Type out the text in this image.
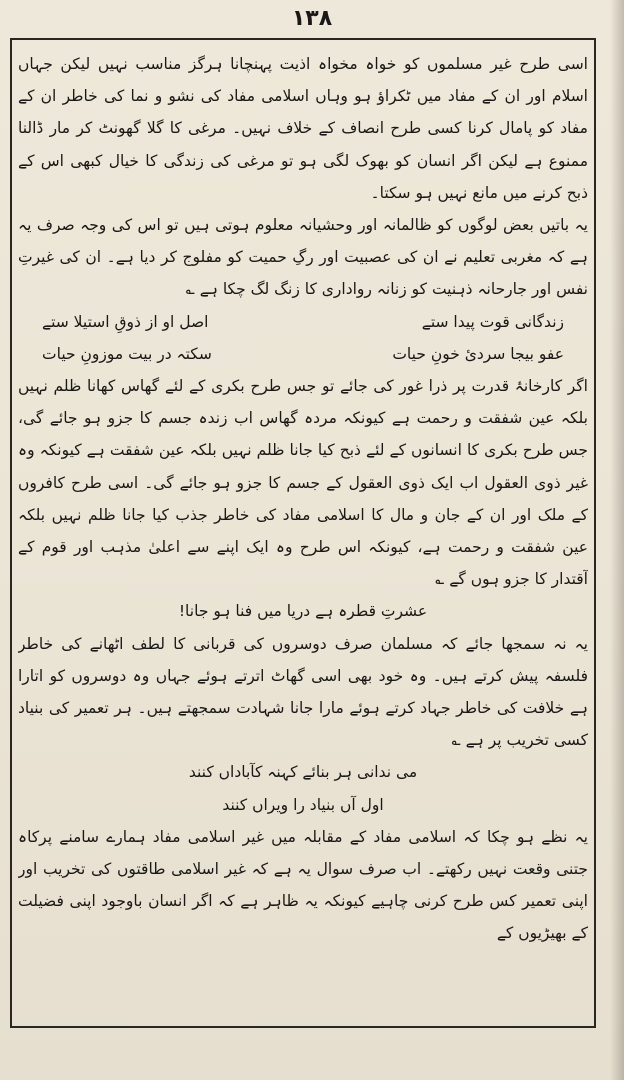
١٣٨

اسی طرح غیر مسلموں کو خواہ مخواہ اذیت پہنچانا ہرگز مناسب نہیں لیکن جہاں اسلام اور ان کے مفاد میں ٹکراؤ ہو وہاں اسلامی مفاد کی نشو و نما کی خاطر ان کے مفاد کو پامال کرنا کسی طرح انصاف کے خلاف نہیں۔ مرغی کا گلا گھونٹ کر مار ڈالنا ممنوع ہے لیکن اگر انسان کو بھوک لگی ہو تو مرغی کی زندگی کا خیال کبھی اس کے ذبح کرنے میں مانع نہیں ہو سکتا۔

یہ باتیں بعض لوگوں کو ظالمانہ اور وحشیانہ معلوم ہوتی ہیں تو اس کی وجہ صرف یہ ہے کہ مغربی تعلیم نے ان کی عصبیت اور رگِ حمیت کو مفلوج کر دیا ہے۔ ان کی غیرتِ نفس اور جارحانہ ذہنیت کو زنانہ رواداری کا زنگ لگ چکا ہے ؎

زندگانی قوت پیدا ستے
اصل او از ذوقِ استیلا ستے
عفو بیجا سردیٔ خونِ حیات
سکتہ در بیت موزونِ حیات

اگر کارخانۂ قدرت پر ذرا غور کی جائے تو جس طرح بکری کے لئے گھاس کھانا ظلم نہیں بلکہ عین شفقت و رحمت ہے کیونکہ مردہ گھاس اب زندہ جسم کا جزو ہو جائے گی، جس طرح بکری کا انسانوں کے لئے ذبح کیا جانا ظلم نہیں بلکہ عین شفقت ہے کیونکہ وہ غیر ذوی العقول اب ایک ذوی العقول کے جسم کا جزو ہو جائے گی۔ اسی طرح کافروں کے ملک اور ان کے جان و مال کا اسلامی مفاد کی خاطر جذب کیا جانا ظلم نہیں بلکہ عین شفقت و رحمت ہے، کیونکہ اس طرح وہ ایک اپنے سے اعلیٰ مذہب اور قوم کے آقتدار کا جزو ہوں گے ؎

عشرتِ قطرہ ہے دریا میں فنا ہو جانا!

یہ نہ سمجھا جائے کہ مسلمان صرف دوسروں کی قربانی کا لطف اٹھانے کی خاطر فلسفہ پیش کرتے ہیں۔ وہ خود بھی اسی گھاٹ اترتے ہوئے جہاں وہ دوسروں کو اتارا ہے خلافت کی خاطر جہاد کرتے ہوئے مارا جانا شہادت سمجھتے ہیں۔ ہر تعمیر کی بنیاد کسی تخریب پر ہے ؎

می ندانی ہر بنائے کہنہ کآباداں کنند

اول آں بنیاد را ویراں کنند

یہ نظے ہو چکا کہ اسلامی مفاد کے مقابلہ میں غیر اسلامی مفاد ہمارے سامنے پرکاہ جتنی وقعت نہیں رکھتے۔ اب صرف سوال یہ ہے کہ غیر اسلامی طاقتوں کی تخریب اور اپنی تعمیر کس طرح کرنی چاہیے کیونکہ یہ ظاہر ہے کہ اگر انسان باوجود اپنی فضیلت کے بھیڑیوں کے
